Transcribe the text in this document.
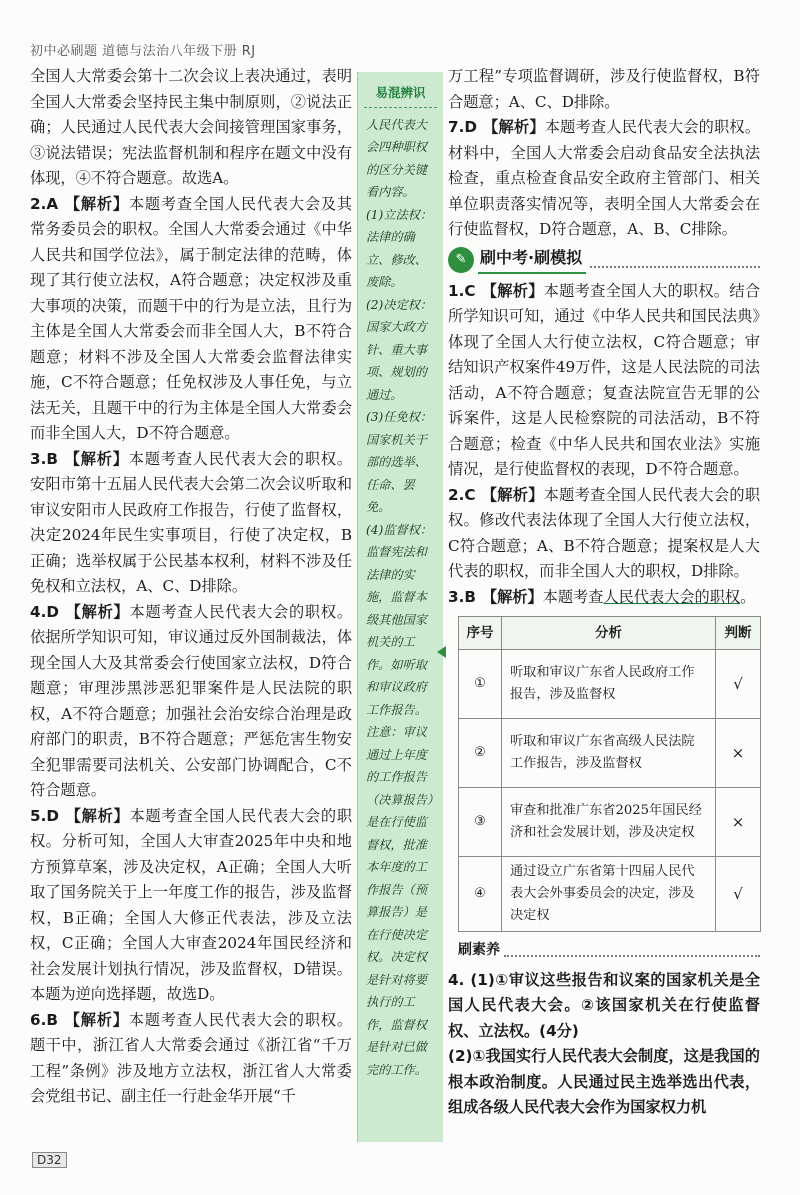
初中必刷题 道德与法治八年级下册 RJ

全国人大常委会第十二次会议上表决通过，表明全国人大常委会坚持民主集中制原则，②说法正确；人民通过人民代表大会间接管理国家事务，③说法错误；宪法监督机制和程序在题文中没有体现，④不符合题意。故选A。

2.A 【解析】本题考查全国人民代表大会及其常务委员会的职权。全国人大常委会通过《中华人民共和国学位法》，属于制定法律的范畴，体现了其行使立法权，A符合题意；决定权涉及重大事项的决策，而题干中的行为是立法，且行为主体是全国人大常委会而非全国人大，B不符合题意；材料不涉及全国人大常委会监督法律实施，C不符合题意；任免权涉及人事任免，与立法无关，且题干中的行为主体是全国人大常委会而非全国人大，D不符合题意。

3.B 【解析】本题考查人民代表大会的职权。安阳市第十五届人民代表大会第二次会议听取和审议安阳市人民政府工作报告，行使了监督权，决定2024年民生实事项目，行使了决定权，B正确；选举权属于公民基本权利，材料不涉及任免权和立法权，A、C、D排除。

4.D 【解析】本题考查人民代表大会的职权。依据所学知识可知，审议通过反外国制裁法，体现全国人大及其常委会行使国家立法权，D符合题意；审理涉黑涉恶犯罪案件是人民法院的职权，A不符合题意；加强社会治安综合治理是政府部门的职责，B不符合题意；严惩危害生物安全犯罪需要司法机关、公安部门协调配合，C不符合题意。

5.D 【解析】本题考查全国人民代表大会的职权。分析可知，全国人大审查2025年中央和地方预算草案，涉及决定权，A正确；全国人大听取了国务院关于上一年度工作的报告，涉及监督权，B正确；全国人大修正代表法，涉及立法权，C正确；全国人大审查2024年国民经济和社会发展计划执行情况，涉及监督权，D错误。本题为逆向选择题，故选D。

6.B 【解析】本题考查人民代表大会的职权。题干中，浙江省人大常委会通过《浙江省“千万工程”条例》涉及地方立法权，浙江省人大常委会党组书记、副主任一行赴金华开展“千

易混辨识
人民代表大会四种职权的区分关键看内容。
(1)立法权：法律的确立、修改、废除。
(2)决定权：国家大政方针、重大事项、规划的通过。
(3)任免权：国家机关干部的选举、任命、罢免。
(4)监督权：监督宪法和法律的实施，监督本级其他国家机关的工作。如听取和审议政府工作报告。注意：审议通过上年度的工作报告（决算报告）是在行使监督权，批准本年度的工作报告（预算报告）是在行使决定权。决定权是针对将要执行的工作，监督权是针对已做完的工作。

万工程”专项监督调研，涉及行使监督权，B符合题意；A、C、D排除。

7.D 【解析】本题考查人民代表大会的职权。材料中，全国人大常委会启动食品安全法执法检查，重点检查食品安全政府主管部门、相关单位职责落实情况等，表明全国人大常委会在行使监督权，D符合题意，A、B、C排除。

✎ 刷中考·刷模拟

1.C 【解析】本题考查全国人大的职权。结合所学知识可知，通过《中华人民共和国民法典》体现了全国人大行使立法权，C符合题意；审结知识产权案件49万件，这是人民法院的司法活动，A不符合题意；复查法院宣告无罪的公诉案件，这是人民检察院的司法活动，B不符合题意；检查《中华人民共和国农业法》实施情况，是行使监督权的表现，D不符合题意。

2.C 【解析】本题考查全国人民代表大会的职权。修改代表法体现了全国人大行使立法权，C符合题意；A、B不符合题意；提案权是人大代表的职权，而非全国人大的职权，D排除。

3.B 【解析】本题考查人民代表大会的职权。

序号	分析	判断
①	听取和审议广东省人民政府工作报告，涉及监督权	√
②	听取和审议广东省高级人民法院工作报告，涉及监督权	×
③	审查和批准广东省2025年国民经济和社会发展计划，涉及决定权	×
④	通过设立广东省第十四届人民代表大会外事委员会的决定，涉及决定权	√
刷素养

4. (1)①审议这些报告和议案的国家机关是全国人民代表大会。②该国家机关在行使监督权、立法权。(4分)

(2)①我国实行人民代表大会制度，这是我国的根本政治制度。人民通过民主选举选出代表，组成各级人民代表大会作为国家权力机

D32
